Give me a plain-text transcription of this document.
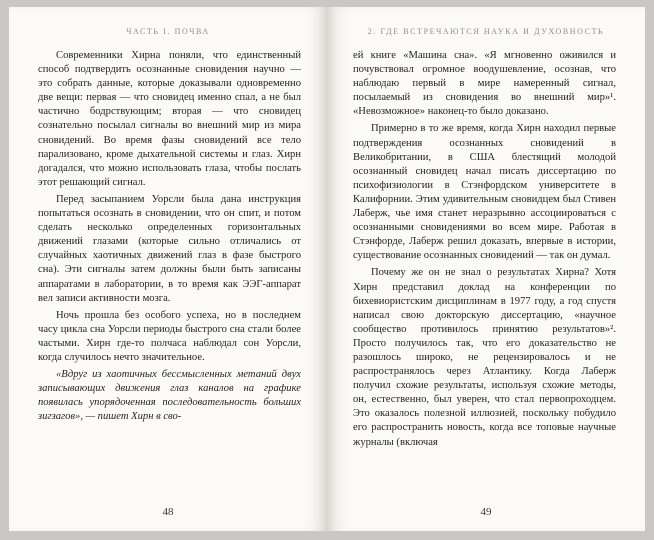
ЧАСТЬ I. ПОЧВА

Современники Хирна поняли, что единственный способ подтвердить осознанные сновидения научно — это собрать данные, которые доказывали одновременно две вещи: первая — что сновидец именно спал, а не был частично бодрствующим; вторая — что сновидец сознательно посылал сигналы во внешний мир из мира сновидений. Во время фазы сновидений все тело парализовано, кроме дыхательной системы и глаз. Хирн догадался, что можно использовать глаза, чтобы послать этот решающий сигнал.

Перед засыпанием Уорсли была дана инструкция попытаться осознать в сновидении, что он спит, и потом сделать несколько определенных горизонтальных движений глазами (которые сильно отличались от случайных хаотичных движений глаз в фазе быстрого сна). Эти сигналы затем должны были быть записаны аппаратами в лаборатории, в то время как ЭЭГ-аппарат вел записи активности мозга.

Ночь прошла без особого успеха, но в последнем часу цикла сна Уорсли периоды быстрого сна стали более частыми. Хирн где-то полчаса наблюдал сон Уорсли, когда случилось нечто значительное.

«Вдруг из хаотичных бессмысленных метаний двух записывающих движения глаз каналов на графике появилась упорядоченная последовательность больших зигзагов», — пишет Хирн в сво-

48
2. ГДЕ ВСТРЕЧАЮТСЯ НАУКА И ДУХОВНОСТЬ

ей книге «Машина сна». «Я мгновенно оживился и почувствовал огромное воодушевление, осознав, что наблюдаю первый в мире намеренный сигнал, посылаемый из сновидения во внешний мир»¹. «Невозможное» наконец-то было доказано.

Примерно в то же время, когда Хирн находил первые подтверждения осознанных сновидений в Великобритании, в США блестящий молодой осознанный сновидец начал писать диссертацию по психофизиологии в Стэнфордском университете в Калифорнии. Этим удивительным сновидцем был Стивен Лаберж, чье имя станет неразрывно ассоциироваться с осознанными сновидениями во всем мире. Работая в Стэнфорде, Лаберж решил доказать, впервые в истории, существование осознанных сновидений — так он думал.

Почему же он не знал о результатах Хирна? Хотя Хирн представил доклад на конференции по бихевиористским дисциплинам в 1977 году, а год спустя написал свою докторскую диссертацию, «научное сообщество противилось принятию результатов»². Просто получилось так, что его доказательство не разошлось широко, не рецензировалось и не распространялось через Атлантику. Когда Лаберж получил схожие результаты, используя схожие методы, он, естественно, был уверен, что стал первопроходцем. Это оказалось полезной иллюзией, поскольку побудило его распространить новость, когда все топовые научные журналы (включая

49
